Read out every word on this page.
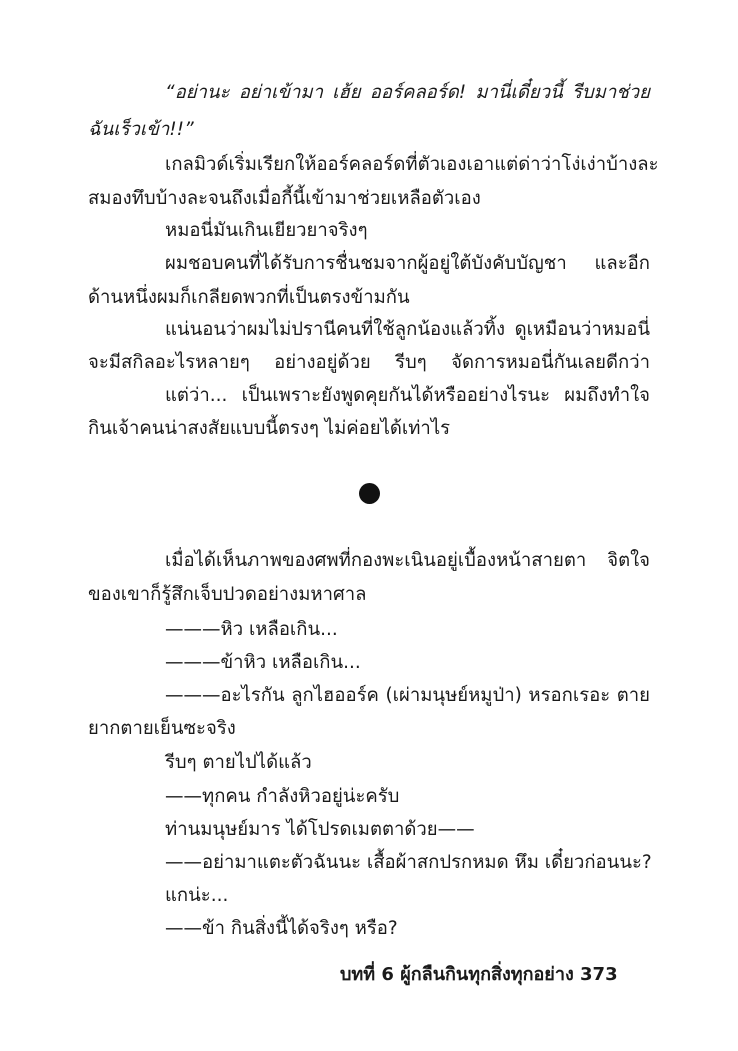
“อย่านะ อย่าเข้ามา เฮ้ย ออร์คลอร์ด! มานี่เดี๋ยวนี้ รีบมาช่วย
ฉันเร็วเข้า!!”
เกลมิวด์เริ่มเรียกให้ออร์คลอร์ดที่ตัวเองเอาแต่ด่าว่าโง่เง่าบ้างละ
สมองทึบบ้างละจนถึงเมื่อกี้นี้เข้ามาช่วยเหลือตัวเอง
หมอนี่มันเกินเยียวยาจริงๆ
ผมชอบคนที่ได้รับการชื่นชมจากผู้อยู่ใต้บังคับบัญชา และอีก
ด้านหนึ่งผมก็เกลียดพวกที่เป็นตรงข้ามกัน
แน่นอนว่าผมไม่ปรานีคนที่ใช้ลูกน้องแล้วทิ้ง ดูเหมือนว่าหมอนี่
จะมีสกิลอะไรหลายๆ อย่างอยู่ด้วย รีบๆ จัดการหมอนี่กันเลยดีกว่า
แต่ว่า... เป็นเพราะยังพูดคุยกันได้หรืออย่างไรนะ ผมถึงทำใจ
กินเจ้าคนน่าสงสัยแบบนี้ตรงๆ ไม่ค่อยได้เท่าไร
เมื่อได้เห็นภาพของศพที่กองพะเนินอยู่เบื้องหน้าสายตา จิตใจ
ของเขาก็รู้สึกเจ็บปวดอย่างมหาศาล
———หิว เหลือเกิน...
———ข้าหิว เหลือเกิน...
———อะไรกัน ลูกไฮออร์ค (เผ่ามนุษย์หมูป่า) หรอกเรอะ ตาย
ยากตายเย็นซะจริง
รีบๆ ตายไปได้แล้ว
——ทุกคน กำลังหิวอยู่น่ะครับ
ท่านมนุษย์มาร ได้โปรดเมตตาด้วย——
——อย่ามาแตะตัวฉันนะ เสื้อผ้าสกปรกหมด หึม เดี๋ยวก่อนนะ?
แกน่ะ...
——ข้า กินสิ่งนี้ได้จริงๆ หรือ?
บทที่ 6 ผู้กลืนกินทุกสิ่งทุกอย่าง 373
